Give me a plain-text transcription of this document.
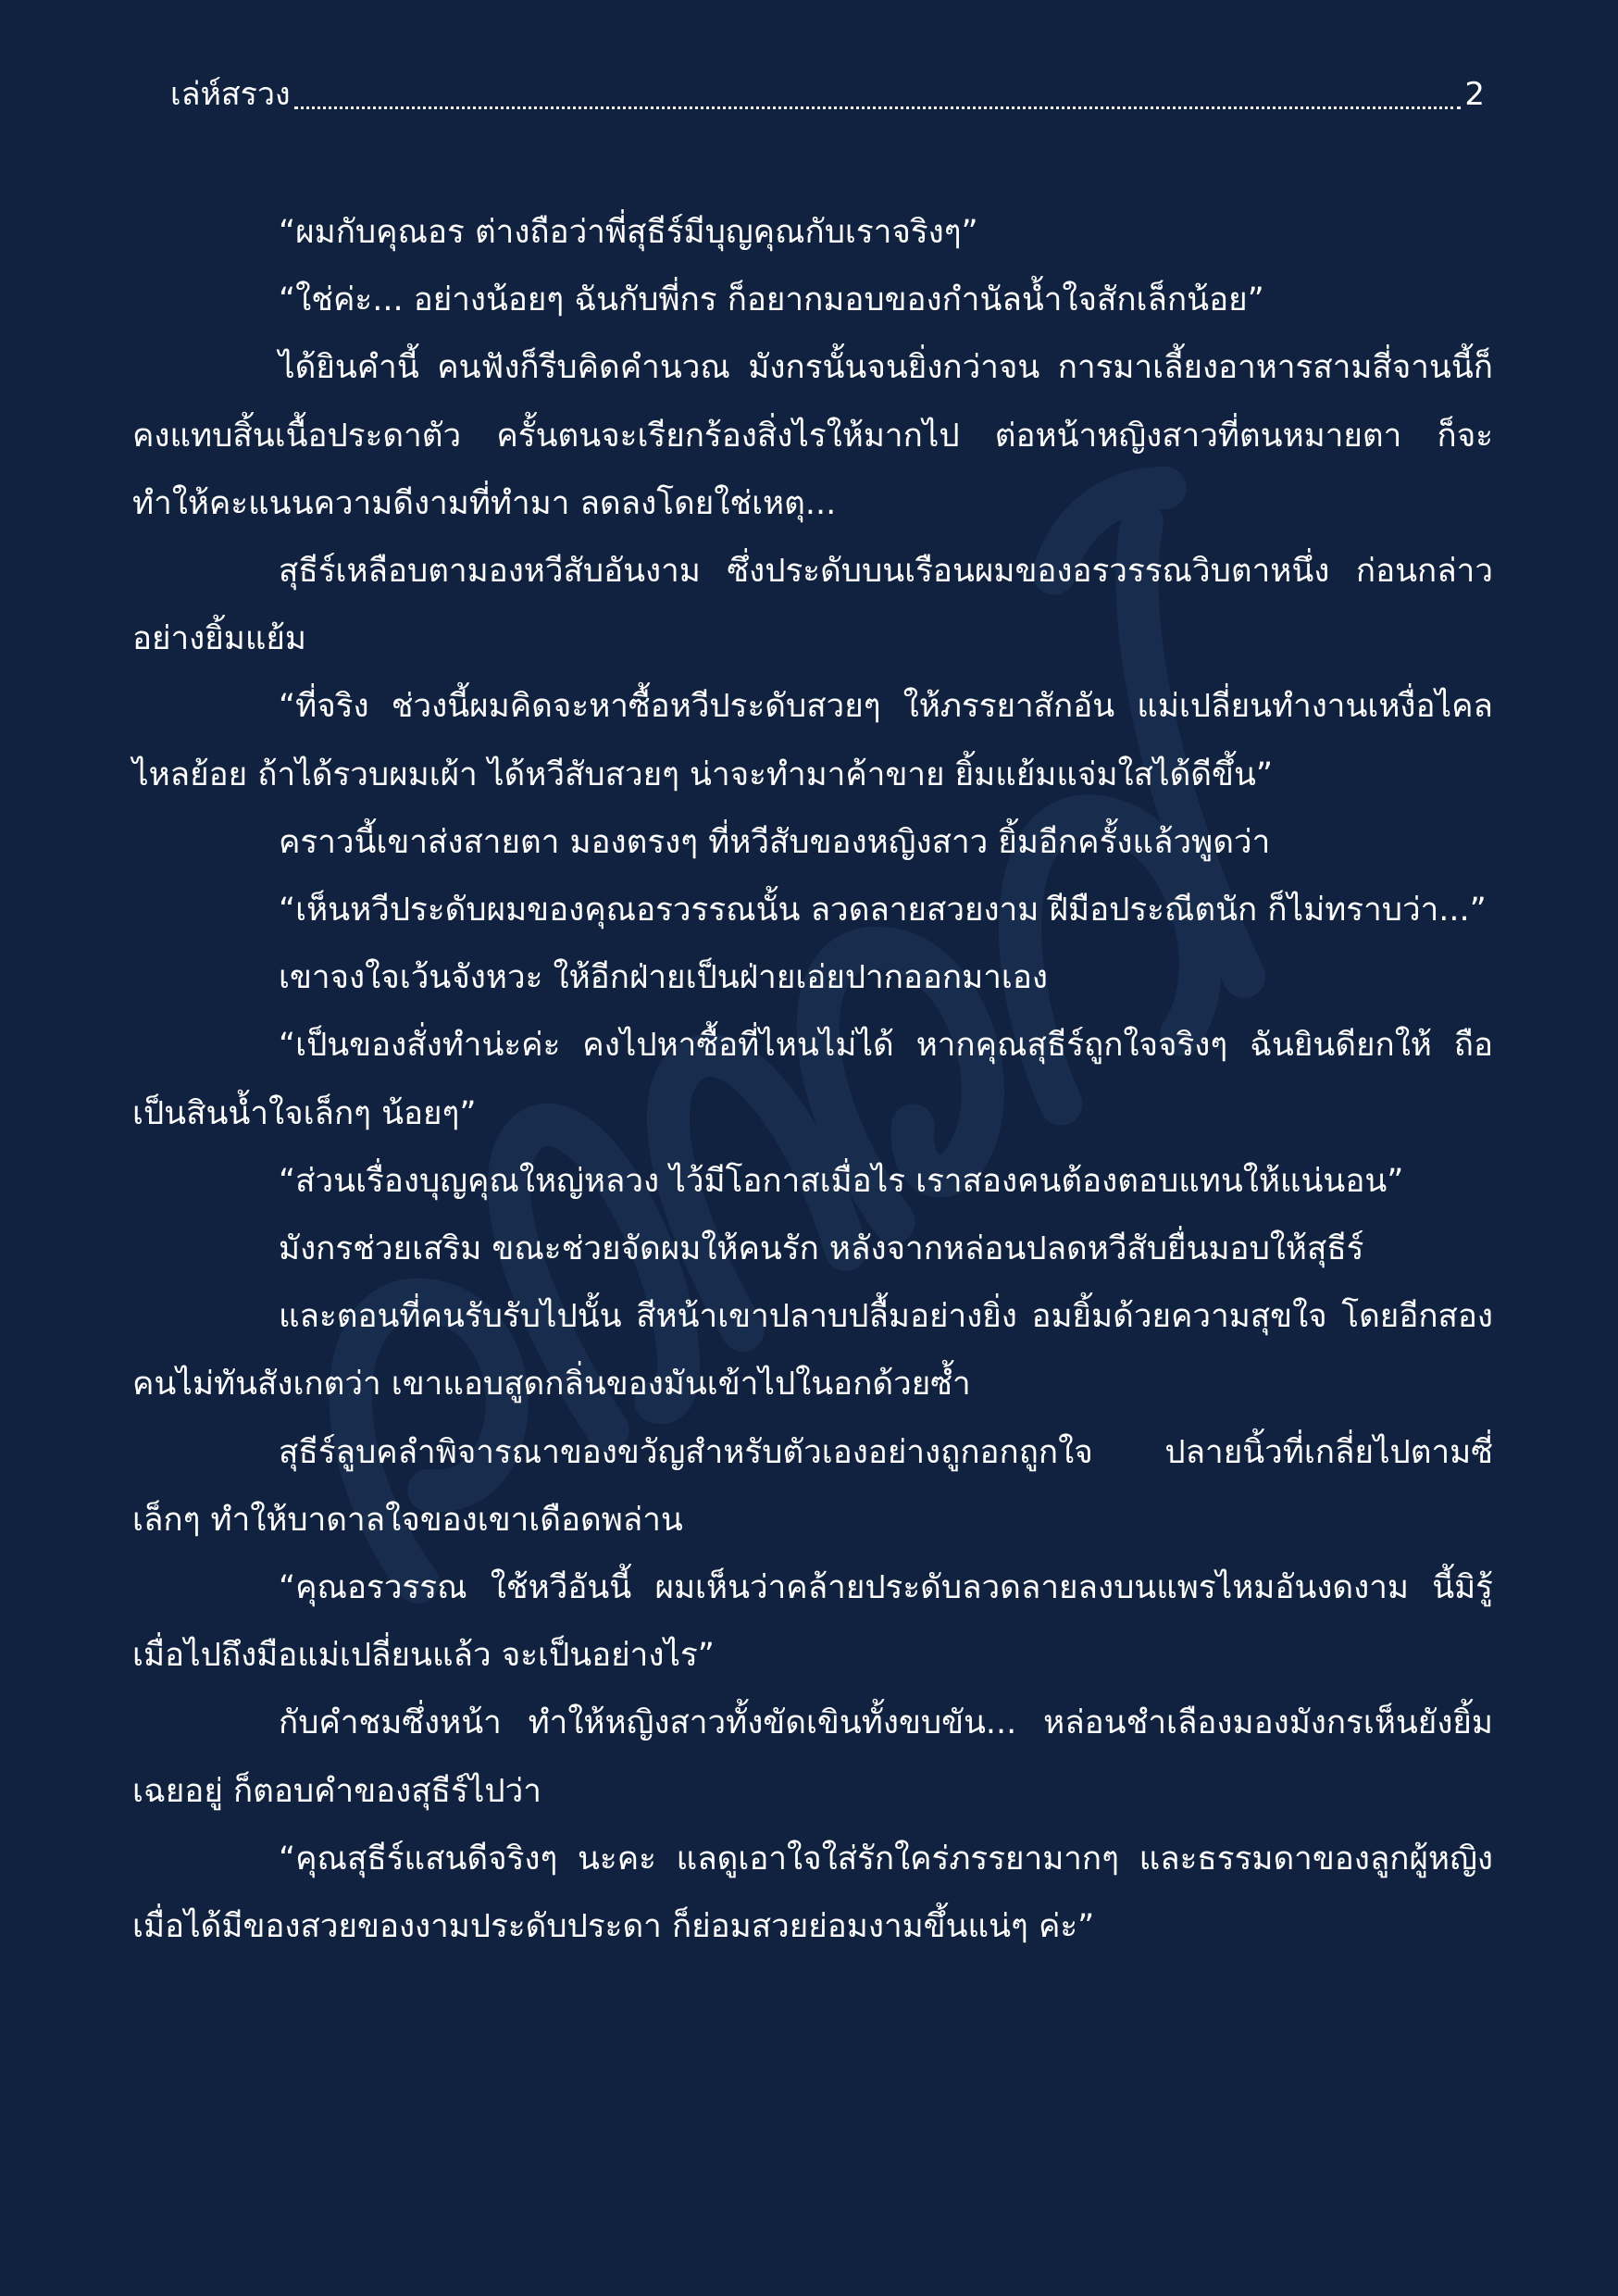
เล่ห์สรวง	2

“ผมกับคุณอร ต่างถือว่าพี่สุธีร์มีบุญคุณกับเราจริงๆ”

“ใช่ค่ะ... อย่างน้อยๆ ฉันกับพี่กร ก็อยากมอบของกำนัลน้ำใจสักเล็กน้อย”

ได้ยินคำนี้ คนฟังก็รีบคิดคำนวณ มังกรนั้นจนยิ่งกว่าจน การมาเลี้ยงอาหารสามสี่จานนี้ก็คงแทบสิ้นเนื้อประดาตัว ครั้นตนจะเรียกร้องสิ่งไรให้มากไป ต่อหน้าหญิงสาวที่ตนหมายตา ก็จะทำให้คะแนนความดีงามที่ทำมา ลดลงโดยใช่เหตุ...

สุธีร์เหลือบตามองหวีสับอันงาม ซึ่งประดับบนเรือนผมของอรวรรณวิบตาหนึ่ง ก่อนกล่าวอย่างยิ้มแย้ม

“ที่จริง ช่วงนี้ผมคิดจะหาซื้อหวีประดับสวยๆ ให้ภรรยาสักอัน แม่เปลี่ยนทำงานเหงื่อไคลไหลย้อย ถ้าได้รวบผมเผ้า ได้หวีสับสวยๆ น่าจะทำมาค้าขาย ยิ้มแย้มแจ่มใสได้ดีขึ้น”

คราวนี้เขาส่งสายตา มองตรงๆ ที่หวีสับของหญิงสาว ยิ้มอีกครั้งแล้วพูดว่า

“เห็นหวีประดับผมของคุณอรวรรณนั้น ลวดลายสวยงาม ฝีมือประณีตนัก ก็ไม่ทราบว่า...”

เขาจงใจเว้นจังหวะ ให้อีกฝ่ายเป็นฝ่ายเอ่ยปากออกมาเอง

“เป็นของสั่งทำน่ะค่ะ คงไปหาซื้อที่ไหนไม่ได้ หากคุณสุธีร์ถูกใจจริงๆ ฉันยินดียกให้ ถือเป็นสินน้ำใจเล็กๆ น้อยๆ”

“ส่วนเรื่องบุญคุณใหญ่หลวง ไว้มีโอกาสเมื่อไร เราสองคนต้องตอบแทนให้แน่นอน”

มังกรช่วยเสริม ขณะช่วยจัดผมให้คนรัก หลังจากหล่อนปลดหวีสับยื่นมอบให้สุธีร์

และตอนที่คนรับรับไปนั้น สีหน้าเขาปลาบปลื้มอย่างยิ่ง อมยิ้มด้วยความสุขใจ โดยอีกสองคนไม่ทันสังเกตว่า เขาแอบสูดกลิ่นของมันเข้าไปในอกด้วยซ้ำ

สุธีร์ลูบคลำพิจารณาของขวัญสำหรับตัวเองอย่างถูกอกถูกใจ ปลายนิ้วที่เกลี่ยไปตามซี่เล็กๆ ทำให้บาดาลใจของเขาเดือดพล่าน

“คุณอรวรรณ ใช้หวีอันนี้ ผมเห็นว่าคล้ายประดับลวดลายลงบนแพรไหมอันงดงาม นี้มิรู้เมื่อไปถึงมือแม่เปลี่ยนแล้ว จะเป็นอย่างไร”

กับคำชมซึ่งหน้า ทำให้หญิงสาวทั้งขัดเขินทั้งขบขัน... หล่อนชำเลืองมองมังกรเห็นยังยิ้มเฉยอยู่ ก็ตอบคำของสุธีร์ไปว่า

“คุณสุธีร์แสนดีจริงๆ นะคะ แลดูเอาใจใส่รักใคร่ภรรยามากๆ และธรรมดาของลูกผู้หญิง เมื่อได้มีของสวยของงามประดับประดา ก็ย่อมสวยย่อมงามขึ้นแน่ๆ ค่ะ”
